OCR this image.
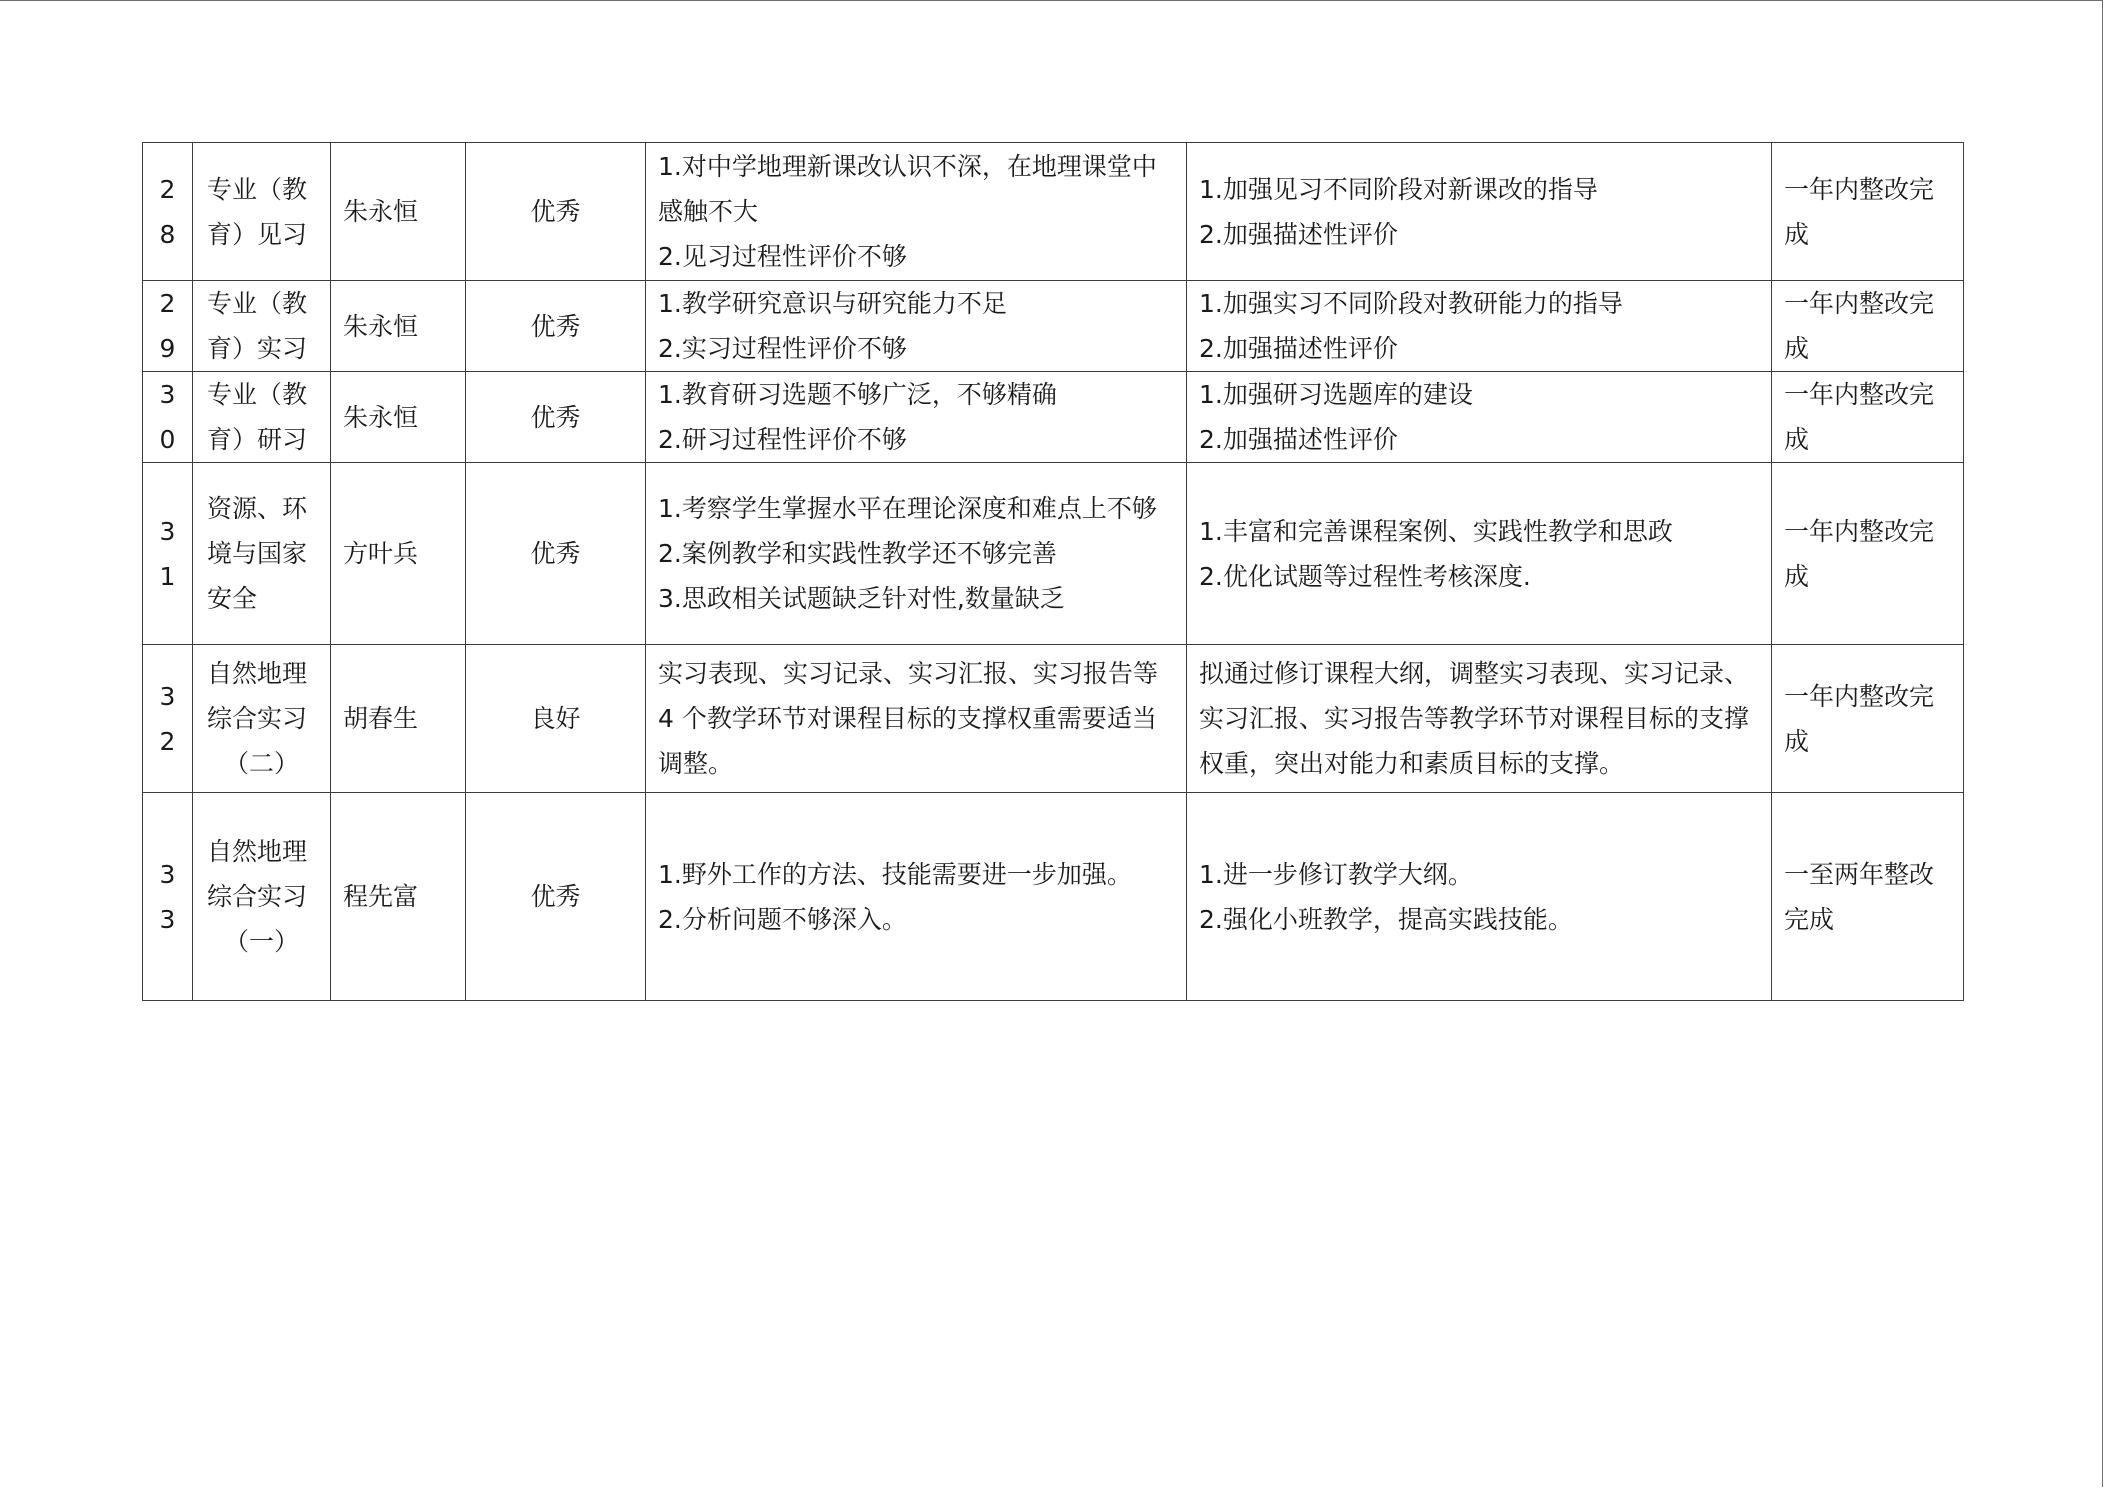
28	专业（教
育）见习	朱永恒	优秀	1.对中学地理新课改认识不深，在地理课堂中感触不大
2.见习过程性评价不够	1.加强见习不同阶段对新课改的指导
2.加强描述性评价	一年内整改完成
29	专业（教
育）实习	朱永恒	优秀	1.教学研究意识与研究能力不足
2.实习过程性评价不够	1.加强实习不同阶段对教研能力的指导
2.加强描述性评价	一年内整改完成
30	专业（教
育）研习	朱永恒	优秀	1.教育研习选题不够广泛，不够精确
2.研习过程性评价不够	1.加强研习选题库的建设
2.加强描述性评价	一年内整改完成
31	资源、环
境与国家
安全	方叶兵	优秀	1.考察学生掌握水平在理论深度和难点上不够
2.案例教学和实践性教学还不够完善
3.思政相关试题缺乏针对性,数量缺乏	1.丰富和完善课程案例、实践性教学和思政
2.优化试题等过程性考核深度.	一年内整改完成
32	自然地理
综合实习
（二）	胡春生	良好	实习表现、实习记录、实习汇报、实习报告等 4 个教学环节对课程目标的支撑权重需要适当调整。	拟通过修订课程大纲，调整实习表现、实习记录、实习汇报、实习报告等教学环节对课程目标的支撑权重，突出对能力和素质目标的支撑。	一年内整改完成
33	自然地理
综合实习
（一）	程先富	优秀	1.野外工作的方法、技能需要进一步加强。
2.分析问题不够深入。	1.进一步修订教学大纲。
2.强化小班教学，提高实践技能。	一至两年整改完成
